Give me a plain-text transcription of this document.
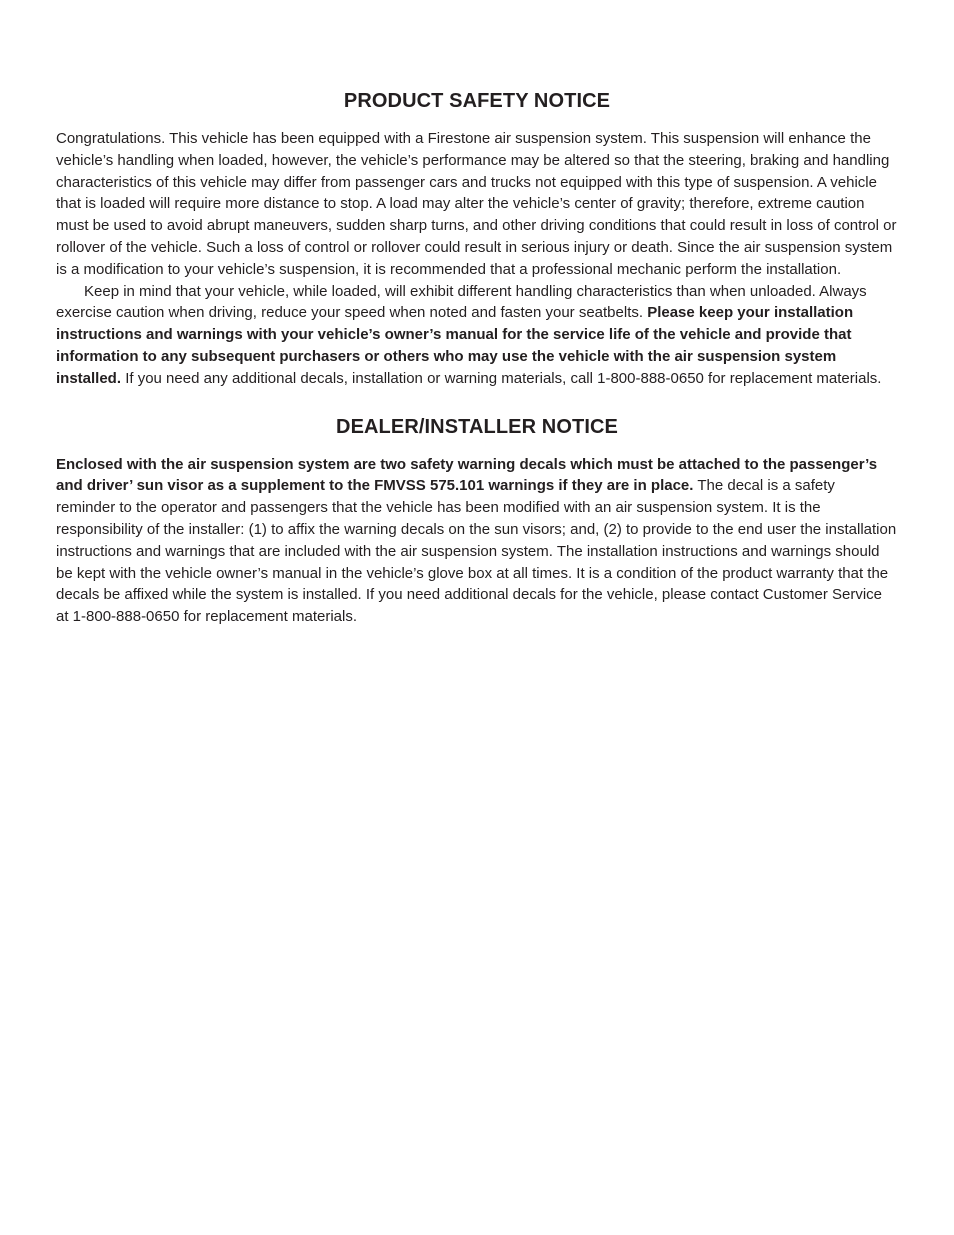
PRODUCT SAFETY NOTICE

Congratulations. This vehicle has been equipped with a Firestone air suspension system. This suspension will enhance the vehicle’s handling when loaded, however, the vehicle’s performance may be altered so that the steering, braking and handling characteristics of this vehicle may differ from passenger cars and trucks not equipped with this type of suspension. A vehicle that is loaded will require more distance to stop. A load may alter the vehicle’s center of gravity; therefore, extreme caution must be used to avoid abrupt maneuvers, sudden sharp turns, and other driving conditions that could result in loss of control or rollover of the vehicle. Such a loss of control or rollover could result in serious injury or death. Since the air suspension system is a modification to your vehicle’s suspension, it is recommended that a professional mechanic perform the installation.

Keep in mind that your vehicle, while loaded, will exhibit different handling characteristics than when unloaded. Always exercise caution when driving, reduce your speed when noted and fasten your seatbelts. Please keep your installation instructions and warnings with your vehicle’s owner’s manual for the service life of the vehicle and provide that information to any subsequent purchasers or others who may use the vehicle with the air suspension system installed. If you need any additional decals, installation or warning materials, call 1-800-888-0650 for replacement materials.

DEALER/INSTALLER NOTICE

Enclosed with the air suspension system are two safety warning decals which must be attached to the passenger’s and driver’ sun visor as a supplement to the FMVSS 575.101 warnings if they are in place. The decal is a safety reminder to the operator and passengers that the vehicle has been modified with an air suspension system. It is the responsibility of the installer: (1) to affix the warning decals on the sun visors; and, (2) to provide to the end user the installation instructions and warnings that are included with the air suspension system. The installation instructions and warnings should be kept with the vehicle owner’s manual in the vehicle’s glove box at all times. It is a condition of the product warranty that the decals be affixed while the system is installed. If you need additional decals for the vehicle, please contact Customer Service at 1-800-888-0650 for replacement materials.
